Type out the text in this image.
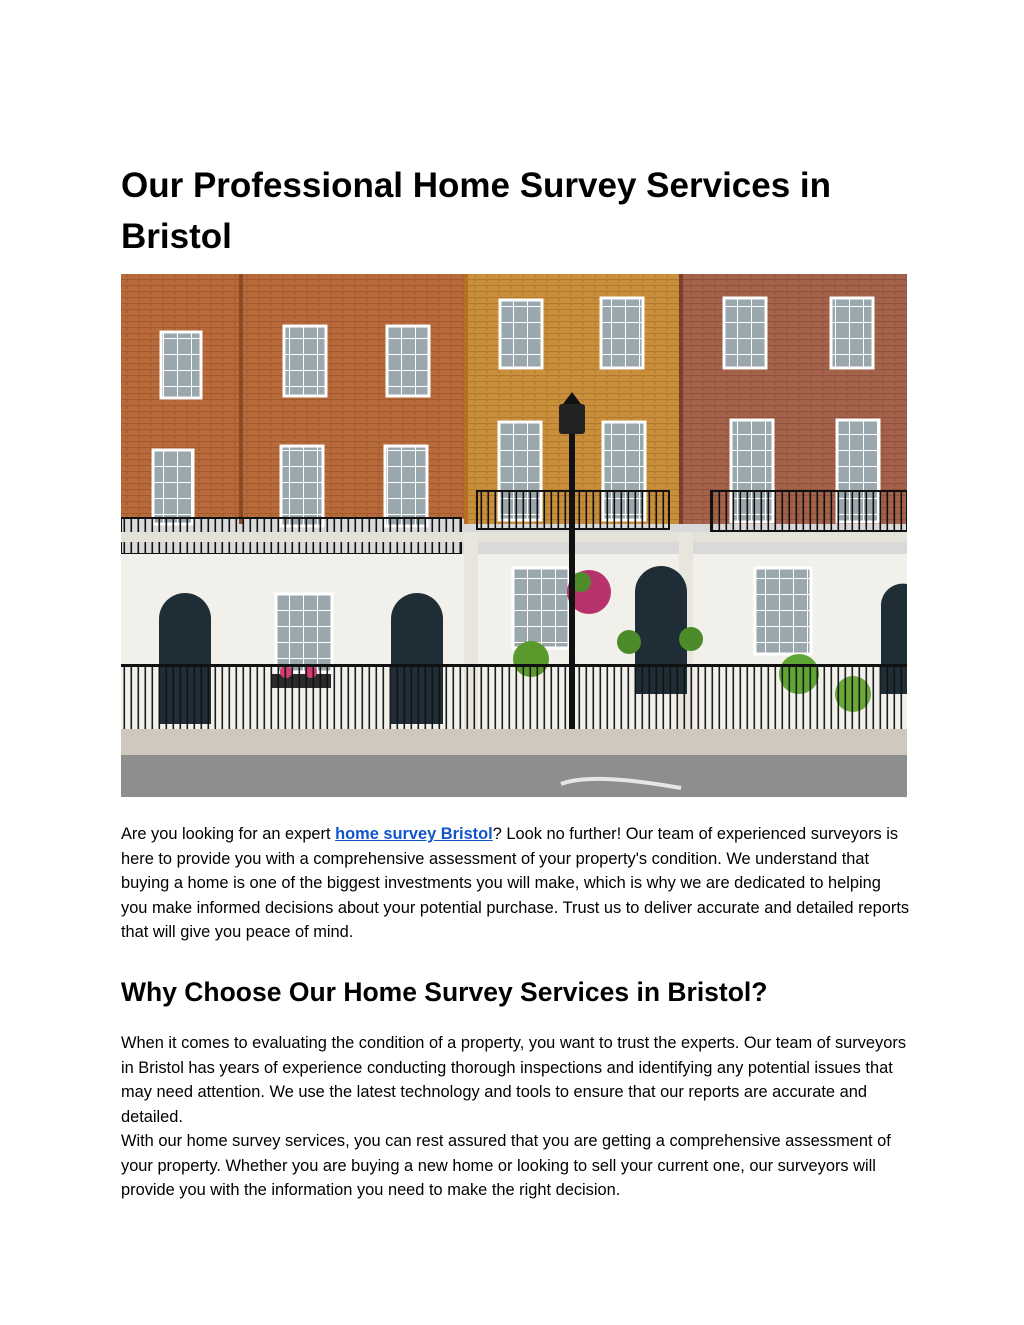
Our Professional Home Survey Services in Bristol

Are you looking for an expert home survey Bristol? Look no further! Our team of experienced surveyors is here to provide you with a comprehensive assessment of your property's condition. We understand that buying a home is one of the biggest investments you will make, which is why we are dedicated to helping you make informed decisions about your potential purchase. Trust us to deliver accurate and detailed reports that will give you peace of mind.

Why Choose Our Home Survey Services in Bristol?

When it comes to evaluating the condition of a property, you want to trust the experts. Our team of surveyors in Bristol has years of experience conducting thorough inspections and identifying any potential issues that may need attention. We use the latest technology and tools to ensure that our reports are accurate and detailed.

With our home survey services, you can rest assured that you are getting a comprehensive assessment of your property. Whether you are buying a new home or looking to sell your current one, our surveyors will provide you with the information you need to make the right decision.
